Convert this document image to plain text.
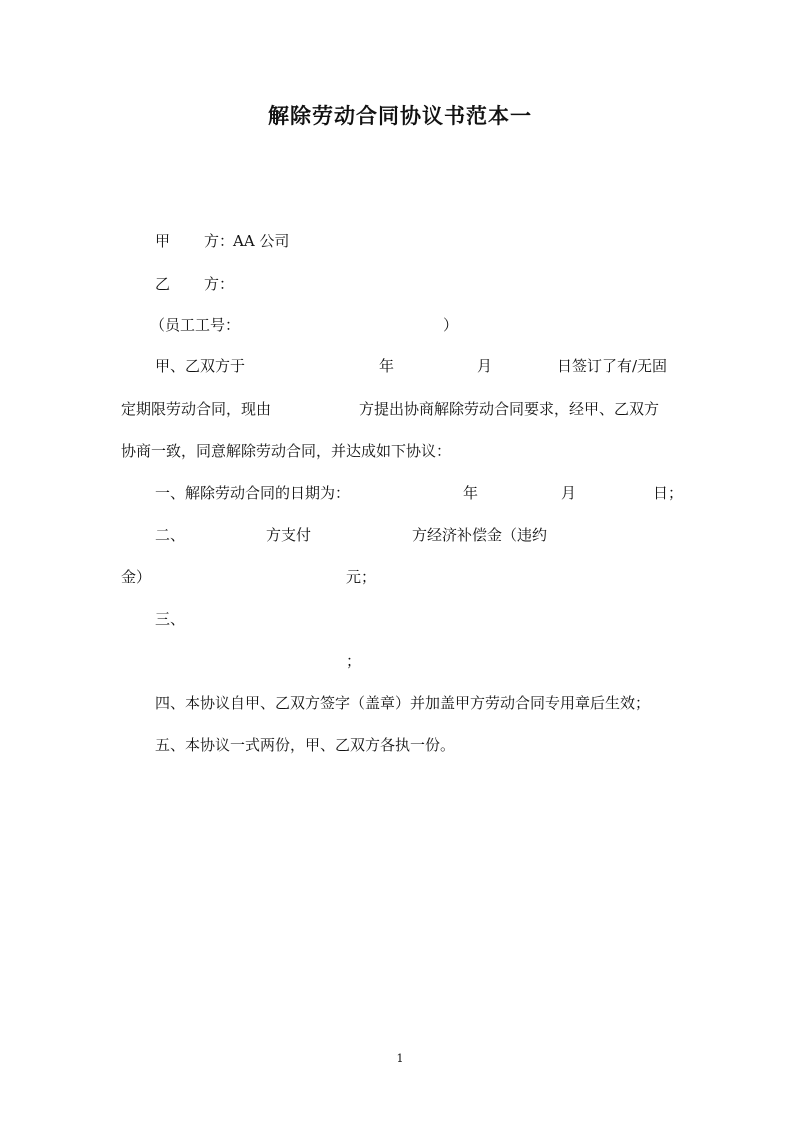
解除劳动合同协议书范本一
甲 方：
AA 公司
乙 方：
（员工工号：	）
甲、乙双方于	年	月	日签订了有/无固
定期限劳动合同，现由	方提出协商解除劳动合同要求，经甲、乙双方
协商一致，同意解除劳动合同，并达成如下协议：
一、解除劳动合同的日期为：	年	月	日；
二、	方支付	方经济补偿金（违约
金）	元；
三、
；
四、本协议自甲、乙双方签字（盖章）并加盖甲方劳动合同专用章后生效；
五、本协议一式两份，甲、乙双方各执一份。
1
